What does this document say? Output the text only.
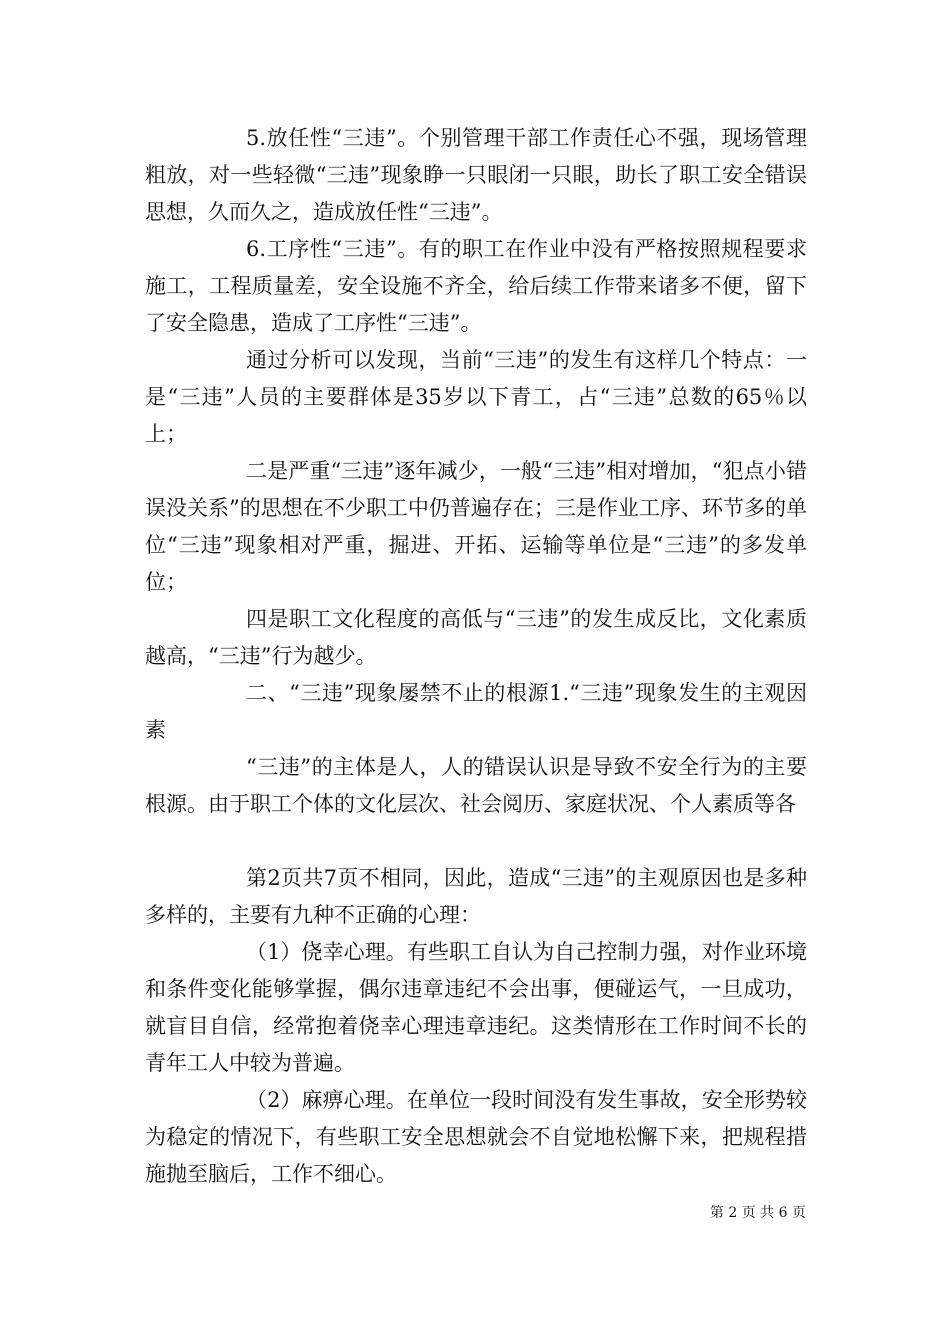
5.放任性“三违”。个别管理干部工作责任心不强，现场管理粗放，对一些轻微“三违”现象睁一只眼闭一只眼，助长了职工安全错误思想，久而久之，造成放任性“三违”。

6.工序性“三违”。有的职工在作业中没有严格按照规程要求施工，工程质量差，安全设施不齐全，给后续工作带来诸多不便，留下了安全隐患，造成了工序性“三违”。

通过分析可以发现，当前“三违”的发生有这样几个特点：一是“三违”人员的主要群体是35岁以下青工，占“三违”总数的65％以上；

二是严重“三违”逐年减少，一般“三违”相对增加，“犯点小错误没关系”的思想在不少职工中仍普遍存在；三是作业工序、环节多的单位“三违”现象相对严重，掘进、开拓、运输等单位是“三违”的多发单位；

四是职工文化程度的高低与“三违”的发生成反比，文化素质越高，“三违”行为越少。

二、“三违”现象屡禁不止的根源1.“三违”现象发生的主观因素

“三违”的主体是人，人的错误认识是导致不安全行为的主要根源。由于职工个体的文化层次、社会阅历、家庭状况、个人素质等各

第2页共7页不相同，因此，造成“三违”的主观原因也是多种多样的，主要有九种不正确的心理：

（1）侥幸心理。有些职工自认为自己控制力强，对作业环境和条件变化能够掌握，偶尔违章违纪不会出事，便碰运气，一旦成功，就盲目自信，经常抱着侥幸心理违章违纪。这类情形在工作时间不长的青年工人中较为普遍。

（2）麻痹心理。在单位一段时间没有发生事故，安全形势较为稳定的情况下，有些职工安全思想就会不自觉地松懈下来，把规程措施抛至脑后，工作不细心。

第 2 页 共 6 页
